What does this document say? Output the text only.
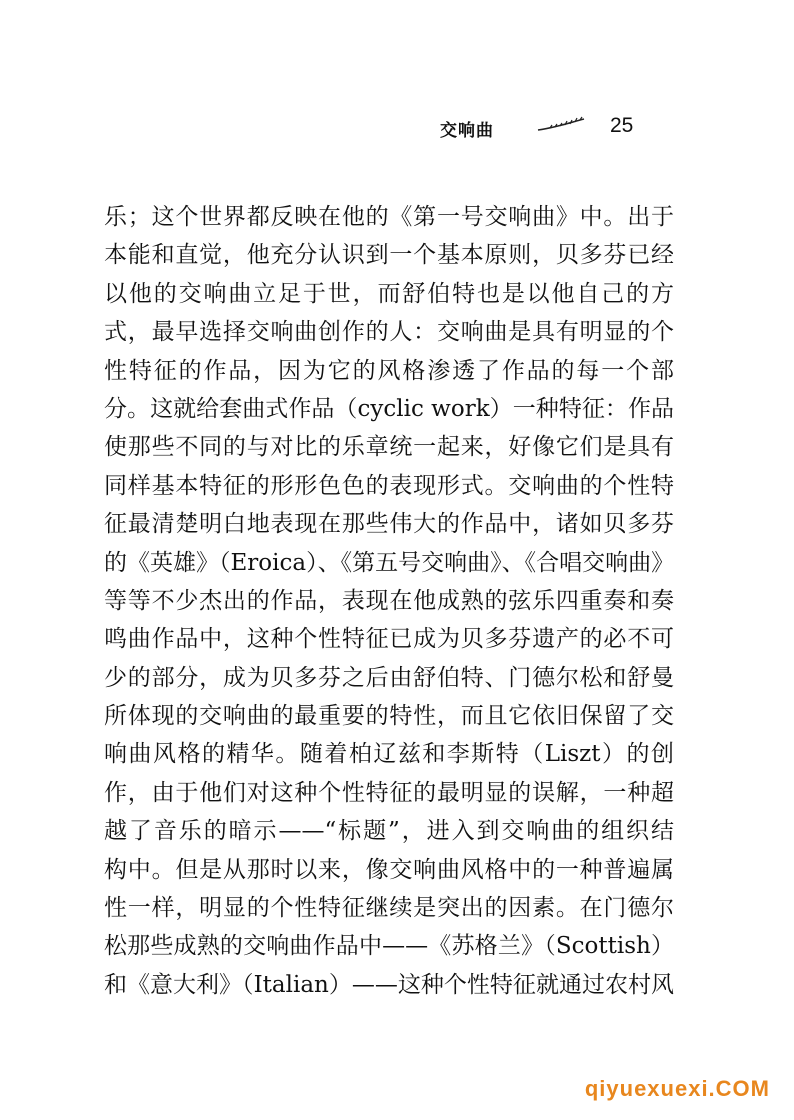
交响曲	25
乐；这个世界都反映在他的《第一号交响曲》中。出于
本能和直觉，他充分认识到一个基本原则，贝多芬已经
以他的交响曲立足于世，而舒伯特也是以他自己的方
式，最早选择交响曲创作的人：交响曲是具有明显的个
性特征的作品，因为它的风格渗透了作品的每一个部
分。这就给套曲式作品（cyclic work）一种特征：作品
使那些不同的与对比的乐章统一起来，好像它们是具有
同样基本特征的形形色色的表现形式。交响曲的个性特
征最清楚明白地表现在那些伟大的作品中，诸如贝多芬
的《英雄》（Eroica）、《第五号交响曲》、《合唱交响曲》
等等不少杰出的作品，表现在他成熟的弦乐四重奏和奏
鸣曲作品中，这种个性特征已成为贝多芬遗产的必不可
少的部分，成为贝多芬之后由舒伯特、门德尔松和舒曼
所体现的交响曲的最重要的特性，而且它依旧保留了交
响曲风格的精华。随着柏辽兹和李斯特（Liszt）的创
作，由于他们对这种个性特征的最明显的误解，一种超
越了音乐的暗示——“标题”，进入到交响曲的组织结
构中。但是从那时以来，像交响曲风格中的一种普遍属
性一样，明显的个性特征继续是突出的因素。在门德尔
松那些成熟的交响曲作品中——《苏格兰》（Scottish）
和《意大利》（Italian）——这种个性特征就通过农村风
qiyuexuexi.COM
